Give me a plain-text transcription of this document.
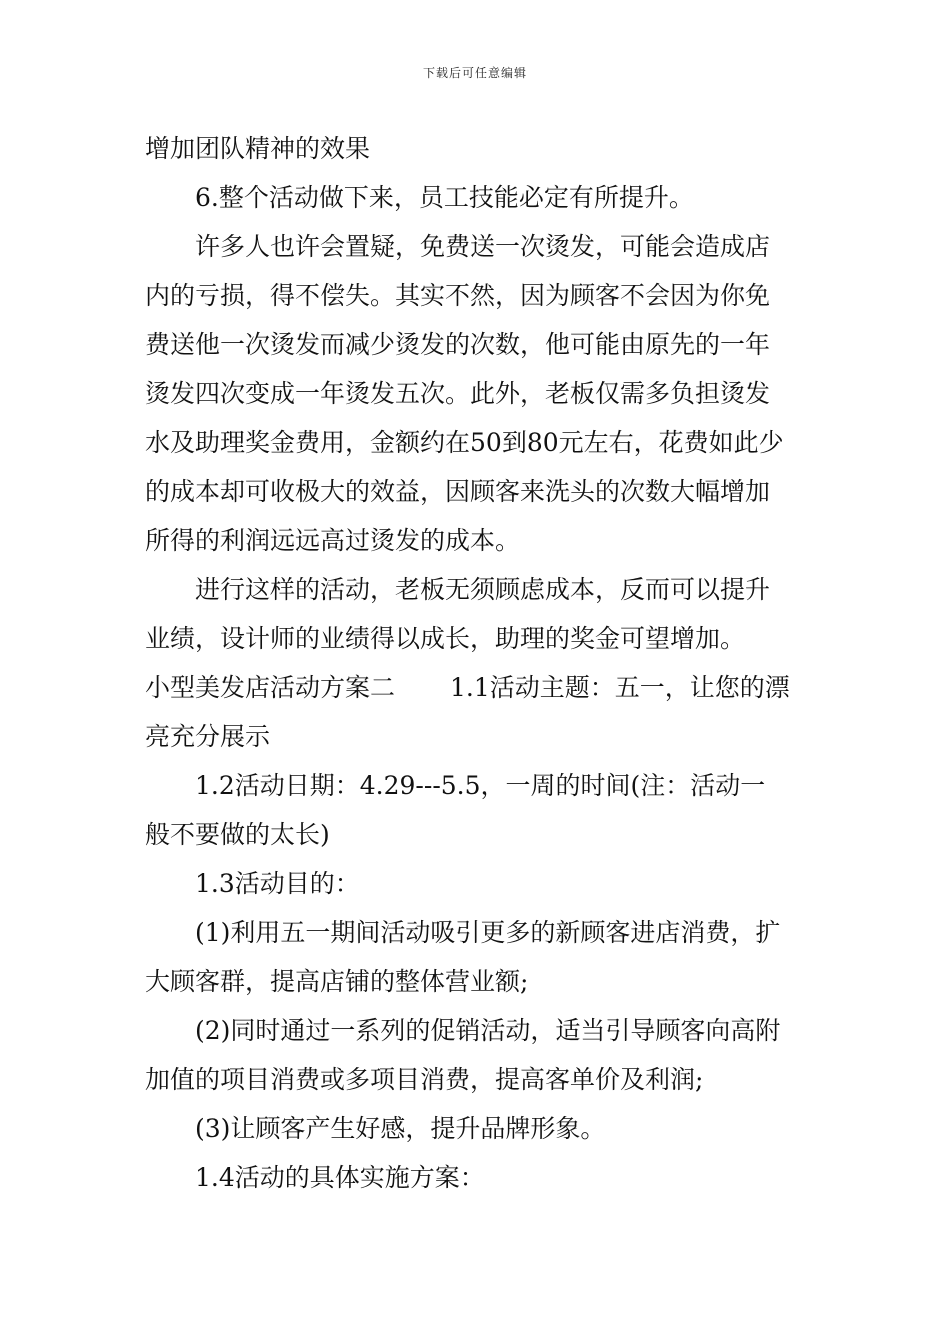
下载后可任意编辑
增加团队精神的效果
6.整个活动做下来，员工技能必定有所提升。
许多人也许会置疑，免费送一次烫发，可能会造成店
内的亏损，得不偿失。其实不然，因为顾客不会因为你免
费送他一次烫发而减少烫发的次数，他可能由原先的一年
烫发四次变成一年烫发五次。此外，老板仅需多负担烫发
水及助理奖金费用，金额约在50到80元左右，花费如此少
的成本却可收极大的效益，因顾客来洗头的次数大幅增加
所得的利润远远高过烫发的成本。
进行这样的活动，老板无须顾虑成本，反而可以提升
业绩，设计师的业绩得以成长，助理的奖金可望增加。
小型美发店活动方案二 1.1活动主题：五一，让您的漂
亮充分展示
1.2活动日期：4.29---5.5，一周的时间(注：活动一
般不要做的太长)
1.3活动目的：
(1)利用五一期间活动吸引更多的新顾客进店消费，扩
大顾客群，提高店铺的整体营业额;
(2)同时通过一系列的促销活动，适当引导顾客向高附
加值的项目消费或多项目消费，提高客单价及利润;
(3)让顾客产生好感，提升品牌形象。
1.4活动的具体实施方案：
